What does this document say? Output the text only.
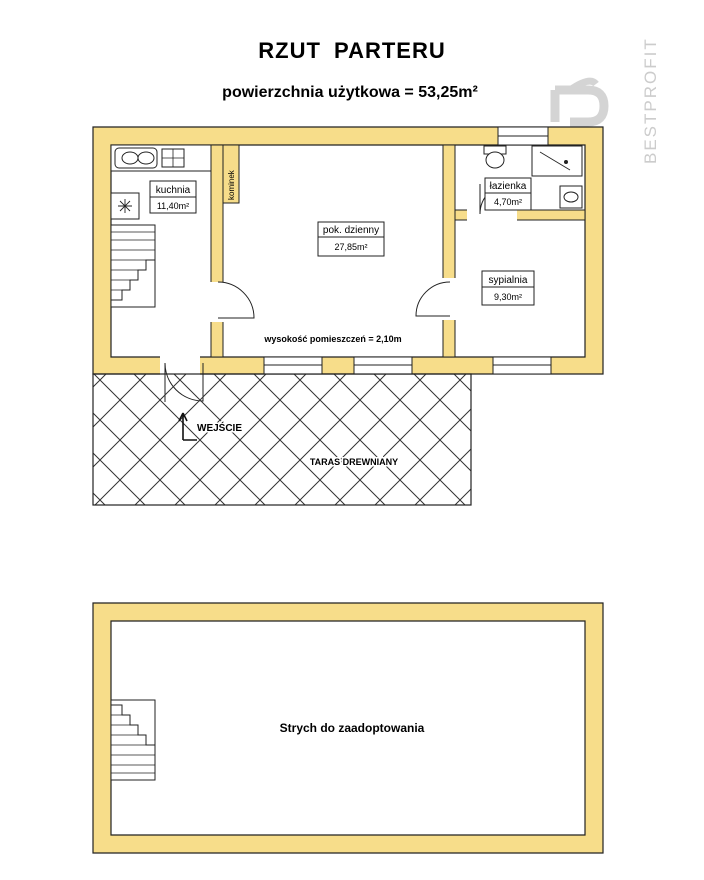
RZUT PARTERU
powierzchnia użytkowa = 53,25m²	BESTPROFIT
kuchnia
11,40m²
pok. dzienny
27,85m²
łazienka
4,70m²
sypialnia
9,30m²
kominek
wysokość pomieszczeń = 2,10m
WEJŚCIE
TARAS DREWNIANY
Strych do zaadoptowania
